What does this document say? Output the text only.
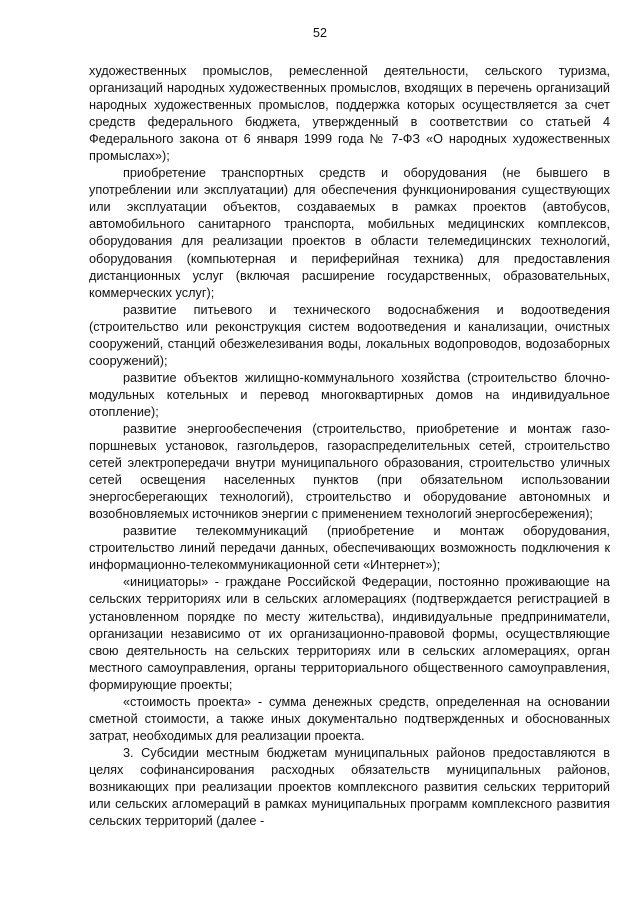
52

художественных промыслов, ремесленной деятельности, сельского туризма, организаций народных художественных промыслов, входящих в перечень организаций народных художественных промыслов, поддержка которых осуществляется за счет средств федерального бюджета, утвержденный в соответствии со статьей 4 Федерального закона от 6 января 1999 года № 7-ФЗ «О народных художественных промыслах»);

приобретение транспортных средств и оборудования (не бывшего в употреблении или эксплуатации) для обеспечения функционирования существующих или эксплуатации объектов, создаваемых в рамках проектов (автобусов, автомобильного санитарного транспорта, мобильных медицинских комплексов, оборудования для реализации проектов в области телемедицинских технологий, оборудования (компьютерная и периферийная техника) для предоставления дистанционных услуг (включая расширение государственных, образовательных, коммерческих услуг);

развитие питьевого и технического водоснабжения и водоотведения (строительство или реконструкция систем водоотведения и канализации, очистных сооружений, станций обезжелезивания воды, локальных водопроводов, водозаборных сооружений);

развитие объектов жилищно-коммунального хозяйства (строительство блочно-модульных котельных и перевод многоквартирных домов на индивидуальное отопление);

развитие энергообеспечения (строительство, приобретение и монтаж газо-поршневых установок, газгольдеров, газораспределительных сетей, строительство сетей электропередачи внутри муниципального образования, строительство уличных сетей освещения населенных пунктов (при обязательном использовании энергосберегающих технологий), строительство и оборудование автономных и возобновляемых источников энергии с применением технологий энергосбережения);

развитие телекоммуникаций (приобретение и монтаж оборудования, строительство линий передачи данных, обеспечивающих возможность подключения к информационно-телекоммуникационной сети «Интернет»);

«инициаторы» - граждане Российской Федерации, постоянно проживающие на сельских территориях или в сельских агломерациях (подтверждается регистрацией в установленном порядке по месту жительства), индивидуальные предприниматели, организации независимо от их организационно-правовой формы, осуществляющие свою деятельность на сельских территориях или в сельских агломерациях, орган местного самоуправления, органы территориального общественного самоуправления, формирующие проекты;

«стоимость проекта» - сумма денежных средств, определенная на основании сметной стоимости, а также иных документально подтвержденных и обоснованных затрат, необходимых для реализации проекта.

3. Субсидии местным бюджетам муниципальных районов предоставляются в целях софинансирования расходных обязательств муниципальных районов, возникающих при реализации проектов комплексного развития сельских территорий или сельских агломераций в рамках муниципальных программ комплексного развития сельских территорий (далее -
